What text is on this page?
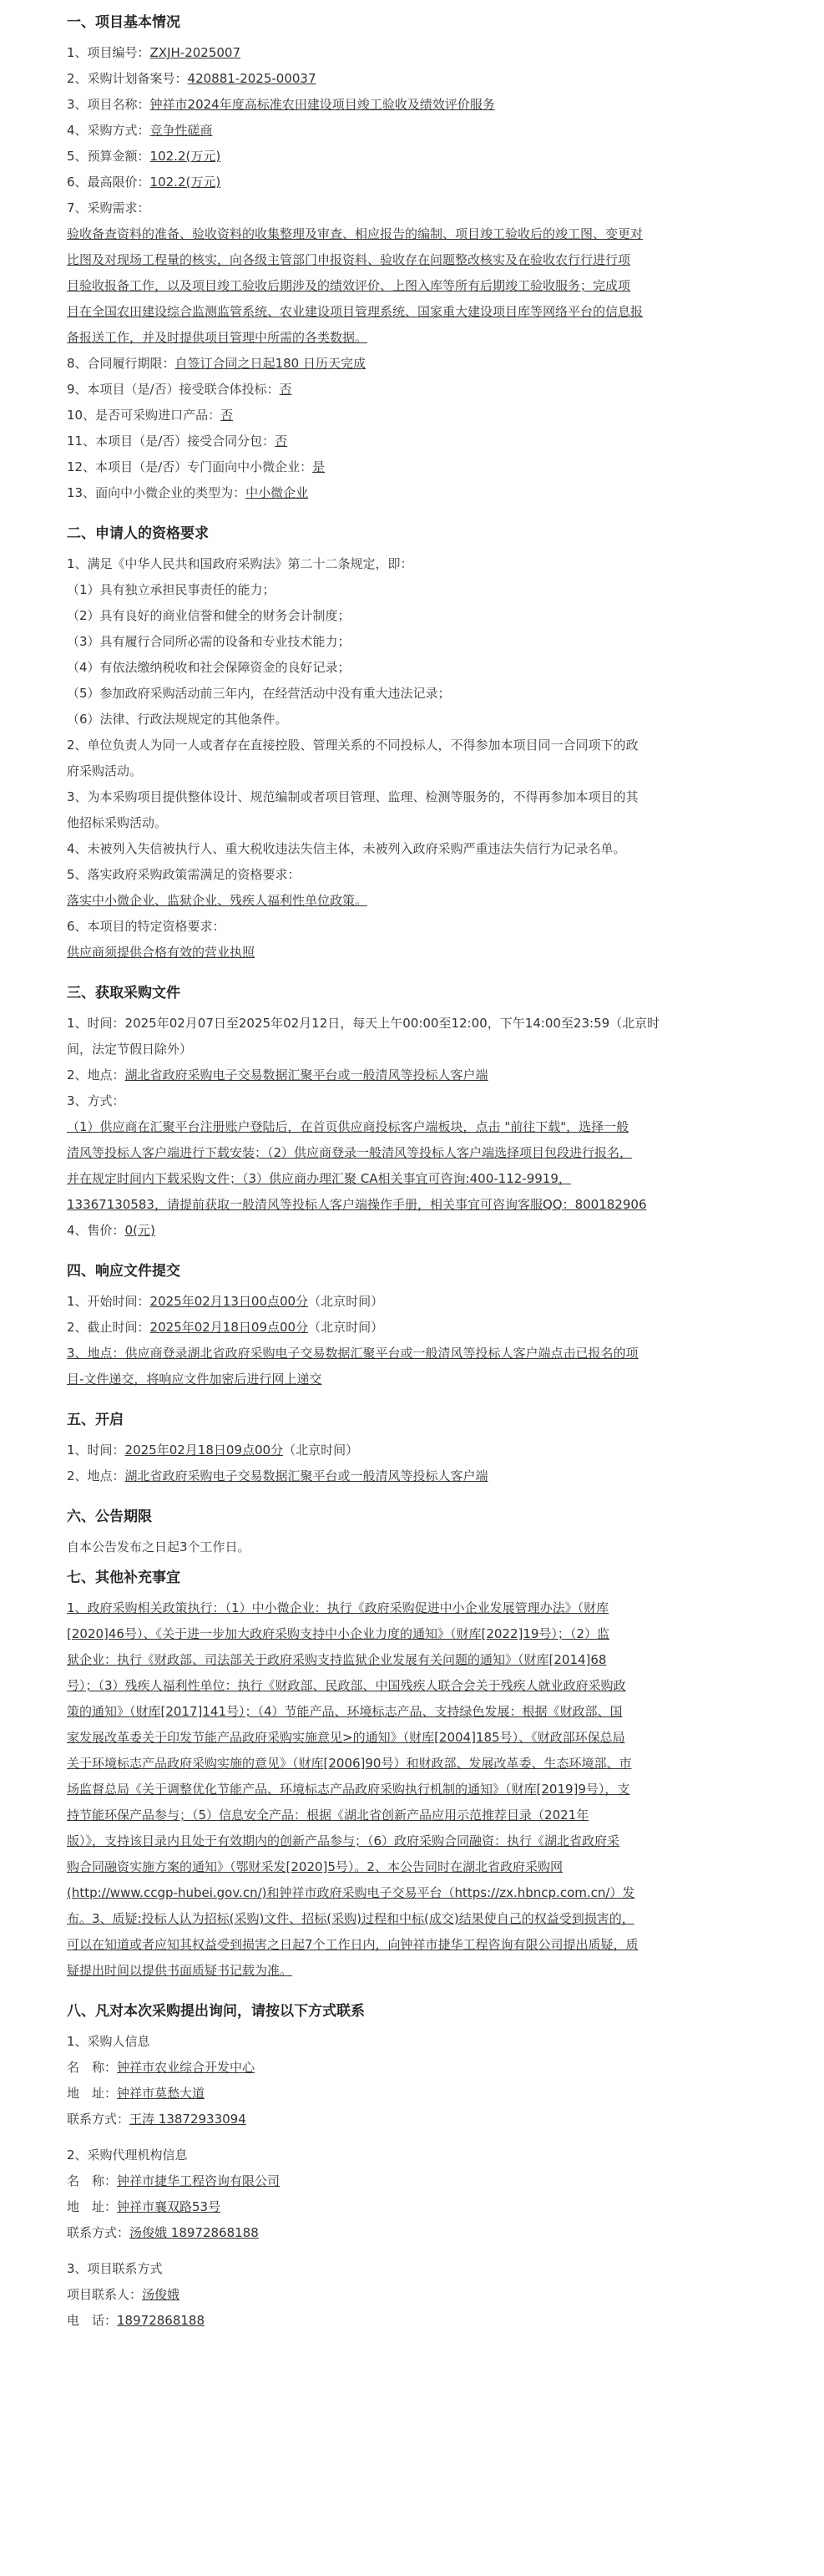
一、项目基本情况
1、项目编号：ZXJH-2025007
2、采购计划备案号：420881-2025-00037
3、项目名称：钟祥市2024年度高标准农田建设项目竣工验收及绩效评价服务
4、采购方式：竞争性磋商
5、预算金额：102.2(万元)
6、最高限价：102.2(万元)
7、采购需求：
验收备查资料的准备、验收资料的收集整理及审查、相应报告的编制、项目竣工验收后的竣工图、变更对
比图及对现场工程量的核实，向各级主管部门申报资料、验收存在问题整改核实及在验收农行行进行项
目验收报备工作，以及项目竣工验收后期涉及的绩效评价、上图入库等所有后期竣工验收服务；完成项
目在全国农田建设综合监测监管系统、农业建设项目管理系统、国家重大建设项目库等网络平台的信息报
备报送工作，并及时提供项目管理中所需的各类数据。
8、合同履行期限：自签订合同之日起180 日历天完成
9、本项目（是/否）接受联合体投标：否
10、是否可采购进口产品：否
11、本项目（是/否）接受合同分包：否
12、本项目（是/否）专门面向中小微企业：是
13、面向中小微企业的类型为：中小微企业
二、申请人的资格要求
1、满足《中华人民共和国政府采购法》第二十二条规定，即：
（1）具有独立承担民事责任的能力；
（2）具有良好的商业信誉和健全的财务会计制度；
（3）具有履行合同所必需的设备和专业技术能力；
（4）有依法缴纳税收和社会保障资金的良好记录；
（5）参加政府采购活动前三年内，在经营活动中没有重大违法记录；
（6）法律、行政法规规定的其他条件。
2、单位负责人为同一人或者存在直接控股、管理关系的不同投标人，不得参加本项目同一合同项下的政
府采购活动。
3、为本采购项目提供整体设计、规范编制或者项目管理、监理、检测等服务的，不得再参加本项目的其
他招标采购活动。
4、未被列入失信被执行人、重大税收违法失信主体，未被列入政府采购严重违法失信行为记录名单。
5、落实政府采购政策需满足的资格要求：
落实中小微企业、监狱企业、残疾人福利性单位政策。
6、本项目的特定资格要求：
供应商须提供合格有效的营业执照
三、获取采购文件
1、时间：2025年02月07日至2025年02月12日，每天上午00:00至12:00，下午14:00至23:59（北京时
间，法定节假日除外）
2、地点：湖北省政府采购电子交易数据汇聚平台或一般清风等投标人客户端
3、方式：
（1）供应商在汇聚平台注册账户登陆后，在首页供应商投标客户端板块，点击 "前往下载"，选择一般
清风等投标人客户端进行下载安装；（2）供应商登录一般清风等投标人客户端选择项目包段进行报名，
并在规定时间内下载采购文件；（3）供应商办理汇聚 CA相关事宜可咨询:400-112-9919，
13367130583，请提前获取一般清风等投标人客户端操作手册，相关事宜可咨询客服QQ：800182906
4、售价：0(元)
四、响应文件提交
1、开始时间：2025年02月13日00点00分（北京时间）
2、截止时间：2025年02月18日09点00分（北京时间）
3、地点：供应商登录湖北省政府采购电子交易数据汇聚平台或一般清风等投标人客户端点击已报名的项
目-文件递交，将响应文件加密后进行网上递交
五、开启
1、时间：2025年02月18日09点00分（北京时间）
2、地点：湖北省政府采购电子交易数据汇聚平台或一般清风等投标人客户端
六、公告期限
自本公告发布之日起3个工作日。
七、其他补充事宜
1、政府采购相关政策执行：（1）中小微企业：执行《政府采购促进中小企业发展管理办法》（财库
[2020]46号）、《关于进一步加大政府采购支持中小企业力度的通知》（财库[2022]19号）；（2）监
狱企业：执行《财政部、司法部关于政府采购支持监狱企业发展有关问题的通知》（财库[2014]68
号）；（3）残疾人福利性单位：执行《财政部、民政部、中国残疾人联合会关于残疾人就业政府采购政
策的通知》（财库[2017]141号）；（4）节能产品、环境标志产品、支持绿色发展：根据《财政部、国
家发展改革委关于印发节能产品政府采购实施意见>的通知》（财库[2004]185号）、《财政部环保总局
关于环境标志产品政府采购实施的意见》（财库[2006]90号）和财政部、发展改革委、生态环境部、市
场监督总局《关于调整优化节能产品、环境标志产品政府采购执行机制的通知》（财库[2019]9号），支
持节能环保产品参与；（5）信息安全产品：根据《湖北省创新产品应用示范推荐目录（2021年
版）》，支持该目录内且处于有效期内的创新产品参与；（6）政府采购合同融资：执行《湖北省政府采
购合同融资实施方案的通知》（鄂财采发[2020]5号）。2、本公告同时在湖北省政府采购网
(http://www.ccgp-hubei.gov.cn/)和钟祥市政府采购电子交易平台（https://zx.hbncp.com.cn/）发
布。3、质疑:投标人认为招标(采购)文件、招标(采购)过程和中标(成交)结果使自己的权益受到损害的，
可以在知道或者应知其权益受到损害之日起7个工作日内，向钟祥市捷华工程咨询有限公司提出质疑，质
疑提出时间以提供书面质疑书记载为准。
八、凡对本次采购提出询问，请按以下方式联系
1、采购人信息
名　称：钟祥市农业综合开发中心
地　址：钟祥市莫愁大道
联系方式：王涛 13872933094
2、采购代理机构信息
名　称：钟祥市捷华工程咨询有限公司
地　址：钟祥市襄双路53号
联系方式：汤俊娥 18972868188
3、项目联系方式
项目联系人：汤俊娥
电　话：18972868188
